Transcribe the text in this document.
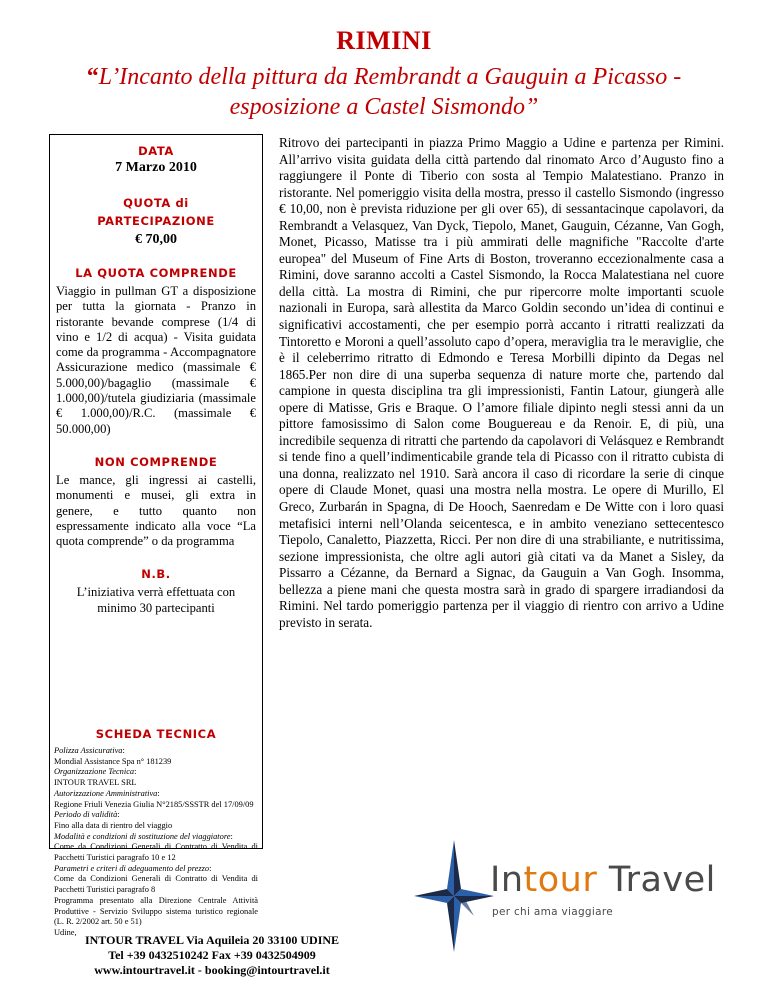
RIMINI
“L’Incanto della pittura da Rembrandt a Gauguin a Picasso - esposizione a Castel Sismondo”
DATA
7 Marzo 2010
QUOTA di PARTECIPAZIONE
€ 70,00
LA QUOTA COMPRENDE
Viaggio in pullman GT a disposizione per tutta la giornata - Pranzo in ristorante bevande comprese (1/4 di vino e 1/2 di acqua) - Visita guidata come da programma - Accompagnatore Assicurazione medico (massimale € 5.000,00)/bagaglio (massimale € 1.000,00)/tutela giudiziaria (massimale € 1.000,00)/R.C. (massimale € 50.000,00)
NON COMPRENDE
Le mance, gli ingressi ai castelli, monumenti e musei, gli extra in genere, e tutto quanto non espressamente indicato alla voce “La quota comprende” o da programma
N.B.
L’iniziativa verrà effettuata con minimo 30 partecipanti
SCHEDA TECNICA
Polizza Assicurativa:
Mondial Assistance Spa n° 181239
Organizzazione Tecnica:
INTOUR TRAVEL SRL
Autorizzazione Amministrativa:
Regione Friuli Venezia Giulia N°2185/SSSTR del 17/09/09
Periodo di validità:
Fino alla data di rientro del viaggio
Modalità e condizioni di sostituzione del viaggiatore:
Come da Condizioni Generali di Contratto di Vendita di Pacchetti Turistici paragrafo 10 e 12
Parametri e criteri di adeguamento del prezzo:
Come da Condizioni Generali di Contratto di Vendita di Pacchetti Turistici paragrafo 8
Programma presentato alla Direzione Centrale Attività Produttive - Servizio Sviluppo sistema turistico regionale (L. R. 2/2002 art. 50 e 51)
Udine,
Ritrovo dei partecipanti in piazza Primo Maggio a Udine e partenza per Rimini. All’arrivo visita guidata della città partendo dal rinomato Arco d’Augusto fino a raggiungere il Ponte di Tiberio con sosta al Tempio Malatestiano. Pranzo in ristorante. Nel pomeriggio visita della mostra, presso il castello Sismondo (ingresso € 10,00, non è prevista riduzione per gli over 65), di sessantacinque capolavori, da Rembrandt a Velasquez, Van Dyck, Tiepolo, Manet, Gauguin, Cézanne, Van Gogh, Monet, Picasso, Matisse tra i più ammirati delle magnifiche "Raccolte d'arte europea" del Museum of Fine Arts di Boston, troveranno eccezionalmente casa a Rimini, dove saranno accolti a Castel Sismondo, la Rocca Malatestiana nel cuore della città. La mostra di Rimini, che pur ripercorre molte importanti scuole nazionali in Europa, sarà allestita da Marco Goldin secondo un’idea di continui e significativi accostamenti, che per esempio porrà accanto i ritratti realizzati da Tintoretto e Moroni a quell’assoluto capo d’opera, meraviglia tra le meraviglie, che è il celeberrimo ritratto di Edmondo e Teresa Morbilli dipinto da Degas nel 1865.Per non dire di una superba sequenza di nature morte che, partendo dal campione in questa disciplina tra gli impressionisti, Fantin Latour, giungerà alle opere di Matisse, Gris e Braque. O l’amore filiale dipinto negli stessi anni da un pittore famosissimo di Salon come Bouguereau e da Renoir. E, di più, una incredibile sequenza di ritratti che partendo da capolavori di Velásquez e Rembrandt si tende fino a quell’indimenticabile grande tela di Picasso con il ritratto cubista di una donna, realizzato nel 1910. Sarà ancora il caso di ricordare la serie di cinque opere di Claude Monet, quasi una mostra nella mostra. Le opere di Murillo, El Greco, Zurbarán in Spagna, di De Hooch, Saenredam e De Witte con i loro quasi metafisici interni nell’Olanda seicentesca, e in ambito veneziano settecentesco Tiepolo, Canaletto, Piazzetta, Ricci. Per non dire di una strabiliante, e nutritissima, sezione impressionista, che oltre agli autori già citati va da Manet a Sisley, da Pissarro a Cézanne, da Bernard a Signac, da Gauguin a Van Gogh. Insomma, bellezza a piene mani che questa mostra sarà in grado di spargere irradiandosi da Rimini. Nel tardo pomeriggio partenza per il viaggio di rientro con arrivo a Udine previsto in serata.
INTOUR TRAVEL Via Aquileia 20 33100 UDINE
Tel +39 0432510242 Fax +39 0432504909
www.intourtravel.it - booking@intourtravel.it
Intour Travel
per chi ama viaggiare
